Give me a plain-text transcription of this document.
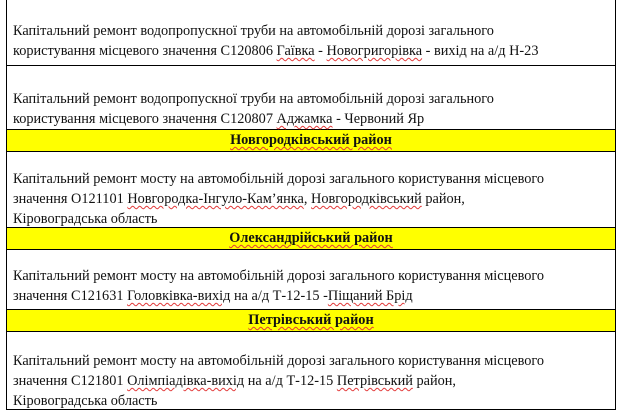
Капітальний ремонт водопропускної труби на автомобільній дорозі загального
користування місцевого значення С120806 Гаївка - Новогригорівка - вихід на а/д Н-23
Капітальний ремонт водопропускної труби на автомобільній дорозі загального
користування місцевого значення С120807 Аджамка - Червоний Яр
Новгородківський район
Капітальний ремонт мосту на автомобільній дорозі загального користування місцевого
значення О121101 Новгородка-Інгуло-Кам’янка, Новгородківський район,
Кіровоградська область
Олександрійський район
Капітальний ремонт мосту на автомобільній дорозі загального користування місцевого
значення С121631 Головківка-вихід на а/д Т-12-15 -Піщаний Брід
Петрівський район
Капітальний ремонт мосту на автомобільній дорозі загального користування місцевого
значення С121801 Олімпіадівка-вихід на а/д Т-12-15 Петрівський район,
Кіровоградська область
